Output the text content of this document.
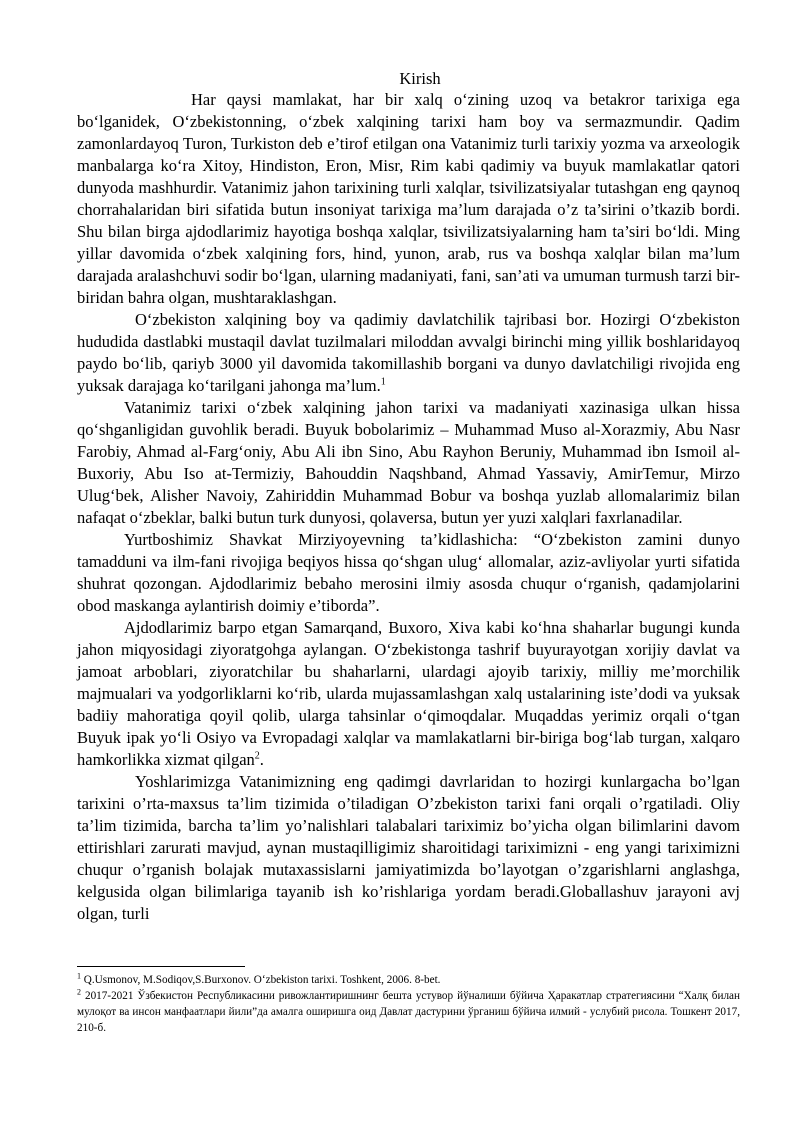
Kirish

Har qaysi mamlakat, har bir xalq o‘zining uzoq va betakror tarixiga ega bo‘lganidek, O‘zbekistonning, o‘zbek xalqining tarixi ham boy va sermazmundir. Qadim zamonlardayoq Turon, Turkiston deb e’tirof etilgan ona Vatanimiz turli tarixiy yozma va arxeologik manbalarga ko‘ra Xitoy, Hindiston, Eron, Misr, Rim kabi qadimiy va buyuk mamlakatlar qatori dunyoda mashhurdir. Vatanimiz jahon tarixining turli xalqlar, tsivilizatsiyalar tutashgan eng qaynoq chorrahalaridan biri sifatida butun insoniyat tarixiga ma’lum darajada o’z ta’sirini o’tkazib bordi. Shu bilan birga ajdodlarimiz hayotiga boshqa xalqlar, tsivilizatsiyalarning ham ta’siri bo‘ldi. Ming yillar davomida o‘zbek xalqining fors, hind, yunon, arab, rus va boshqa xalqlar bilan ma’lum darajada aralashchuvi sodir bo‘lgan, ularning madaniyati, fani, san’ati va umuman turmush tarzi bir-biridan bahra olgan, mushtaraklashgan.

O‘zbekiston xalqining boy va qadimiy davlatchilik tajribasi bor. Hozirgi O‘zbekiston hududida dastlabki mustaqil davlat tuzilmalari miloddan avvalgi birinchi ming yillik boshlaridayoq paydo bo‘lib, qariyb 3000 yil davomida takomillashib borgani va dunyo davlatchiligi rivojida eng yuksak darajaga ko‘tarilgani jahonga ma’lum.$^1$

Vatanimiz tarixi o‘zbek xalqining jahon tarixi va madaniyati xazinasiga ulkan hissa qo‘shganligidan guvohlik beradi. Buyuk bobolarimiz – Muhammad Muso al-Xorazmiy, Abu Nasr Farobiy, Ahmad al-Farg‘oniy, Abu Ali ibn Sino, Abu Rayhon Beruniy, Muhammad ibn Ismoil al-Buxoriy, Abu Iso at-Termiziy, Bahouddin Naqshband, Ahmad Yassaviy, AmirTemur, Mirzo Ulug‘bek, Alisher Navoiy, Zahiriddin Muhammad Bobur va boshqa yuzlab allomalarimiz bilan nafaqat o‘zbeklar, balki butun turk dunyosi, qolaversa, butun yer yuzi xalqlari faxrlanadilar.

Yurtboshimiz Shavkat Mirziyoyevning ta’kidlashicha: “O‘zbekiston zamini dunyo tamadduni va ilm-fani rivojiga beqiyos hissa qo‘shgan ulug‘ allomalar, aziz-avliyolar yurti sifatida shuhrat qozongan. Ajdodlarimiz bebaho merosini ilmiy asosda chuqur o‘rganish, qadamjolarini obod maskanga aylantirish doimiy e’tiborda”.

Ajdodlarimiz barpo etgan Samarqand, Buxoro, Xiva kabi ko‘hna shaharlar bugungi kunda jahon miqyosidagi ziyoratgohga aylangan. O‘zbekistonga tashrif buyurayotgan xorijiy davlat va jamoat arboblari, ziyoratchilar bu shaharlarni, ulardagi ajoyib tarixiy, milliy me’morchilik majmualari va yodgorliklarni ko‘rib, ularda mujassamlashgan xalq ustalarining iste’dodi va yuksak badiiy mahoratiga qoyil qolib, ularga tahsinlar o‘qimoqdalar. Muqaddas yerimiz orqali o‘tgan Buyuk ipak yo‘li Osiyo va Evropadagi xalqlar va mamlakatlarni bir-biriga bog‘lab turgan, xalqaro hamkorlikka xizmat qilgan$^2$.

Yoshlarimizga Vatanimizning eng qadimgi davrlaridan to hozirgi kunlargacha bo’lgan tarixini o’rta-maxsus ta’lim tizimida o’tiladigan O’zbekiston tarixi fani orqali o’rgatiladi. Oliy ta’lim tizimida, barcha ta’lim yo’nalishlari talabalari tariximiz bo’yicha olgan bilimlarini davom ettirishlari zarurati mavjud, aynan mustaqilligimiz sharoitidagi tariximizni - eng yangi tariximizni chuqur o’rganish bolajak mutaxassislarni jamiyatimizda bo’layotgan o’zgarishlarni anglashga, kelgusida olgan bilimlariga tayanib ish ko’rishlariga yordam beradi.Globallashuv jarayoni avj olgan, turli

$^1$ Q.Usmonov, M.Sodiqov,S.Burxonov. O‘zbekiston tarixi. Toshkent, 2006. 8-bet.

$^2$ 2017-2021 Ўзбекистон Республикасини ривожлантиришнинг бешта устувор йўналиши бўйича Ҳаракатлар стратегиясини “Халқ билан мулоқот ва инсон манфаатлари йили”да амалга оширишга оид Давлат дастурини ўрганиш бўйича илмий - услубий рисола. Тошкент 2017, 210-б.
